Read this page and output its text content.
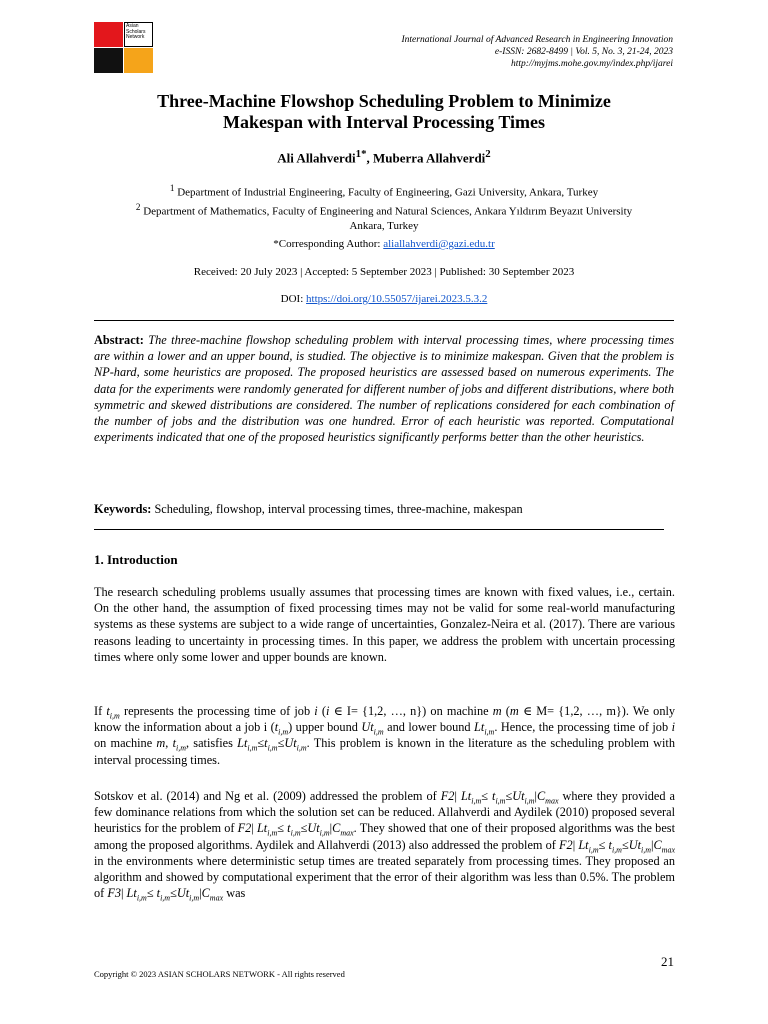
Asian
Scholars
Network	International Journal of Advanced Research in Engineering Innovation
e-ISSN: 2682-8499 | Vol. 5, No. 3, 21-24, 2023
http://myjms.mohe.gov.my/index.php/ijarei
Three-Machine Flowshop Scheduling Problem to Minimize
Makespan with Interval Processing Times
Ali Allahverdi$^{1*}$, Muberra Allahverdi$^2$
$^1$ Department of Industrial Engineering, Faculty of Engineering, Gazi University, Ankara, Turkey
$^2$ Department of Mathematics, Faculty of Engineering and Natural Sciences, Ankara Yıldırım Beyazıt University
Ankara, Turkey
*Corresponding Author: aliallahverdi@gazi.edu.tr
Received: 20 July 2023 | Accepted: 5 September 2023 | Published: 30 September 2023
DOI: https://doi.org/10.55057/ijarei.2023.5.3.2
Abstract: The three-machine flowshop scheduling problem with interval processing times, where processing times are within a lower and an upper bound, is studied. The objective is to minimize makespan. Given that the problem is NP-hard, some heuristics are proposed. The proposed heuristics are assessed based on numerous experiments. The data for the experiments were randomly generated for different number of jobs and different distributions, where both symmetric and skewed distributions are considered. The number of replications considered for each combination of the number of jobs and the distribution was one hundred. Error of each heuristic was reported. Computational experiments indicated that one of the proposed heuristics significantly performs better than the other heuristics.
Keywords: Scheduling, flowshop, interval processing times, three-machine, makespan
1. Introduction
The research scheduling problems usually assumes that processing times are known with fixed values, i.e., certain. On the other hand, the assumption of fixed processing times may not be valid for some real-world manufacturing systems as these systems are subject to a wide range of uncertainties, Gonzalez-Neira et al. (2017). There are various reasons leading to uncertainty in processing times. In this paper, we address the problem with uncertain processing times where only some lower and upper bounds are known.
If $t_{i,m}$ represents the processing time of job i (i ∈ I= {1,2, …, n}) on machine m (m ∈ M= {1,2, …, m}). We only know the information about a job i $(t_{i,m})$ upper bound $Ut_{i,m}$ and lower bound $Lt_{i,m}$. Hence, the processing time of job i on machine m, $t_{i,m}$, satisfies $Lt_{i,m}\le t_{i,m}\le Ut_{i,m}$. This problem is known in the literature as the scheduling problem with interval processing times.
Sotskov et al. (2014) and Ng et al. (2009) addressed the problem of F2| $Lt_{i,m}\le t_{i,m}\le Ut_{i,m}|C_{max}$ where they provided a few dominance relations from which the solution set can be reduced. Allahverdi and Aydilek (2010) proposed several heuristics for the problem of F2| $Lt_{i,m}\le t_{i,m}\le Ut_{i,m}|C_{max}$. They showed that one of their proposed algorithms was the best among the proposed algorithms. Aydilek and Allahverdi (2013) also addressed the problem of F2| $Lt_{i,m}\le t_{i,m}\le Ut_{i,m}|C_{max}$ in the environments where deterministic setup times are treated separately from processing times. They proposed an algorithm and showed by computational experiment that the error of their algorithm was less than 0.5%. The problem of F3| $Lt_{i,m}\le t_{i,m}\le Ut_{i,m}|C_{max}$ was
21
Copyright © 2023 ASIAN SCHOLARS NETWORK - All rights reserved
